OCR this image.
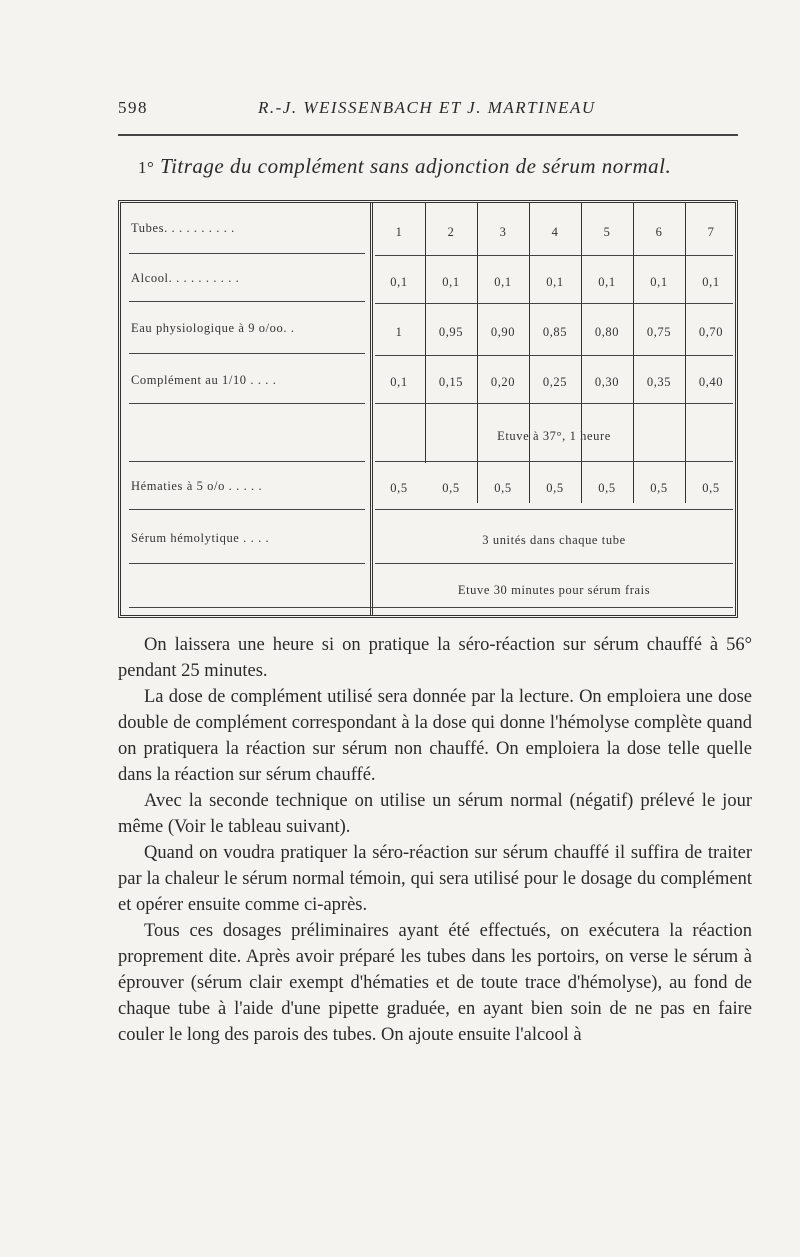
598	R.-J. WEISSENBACH ET J. MARTINEAU
1° Titrage du complément sans adjonction de sérum normal.
Tubes. . . . . . . . . .	1	2	3	4	5	6	7
Alcool. . . . . . . . . .	0,1	0,1	0,1	0,1	0,1	0,1	0,1
Eau physiologique à 9 o/oo. .	1	0,95	0,90	0,85	0,80	0,75	0,70
Complément au 1/10 . . . .	0,1	0,15	0,20	0,25	0,30	0,35	0,40
Etuve à 37°, 1 heure
Hématies à 5 o/o . . . . .	0,5	0,5	0,5	0,5	0,5	0,5	0,5
Sérum hémolytique . . . .	3 unités dans chaque tube
Etuve 30 minutes pour sérum frais

On laissera une heure si on pratique la séro-réaction sur sérum chauffé à 56° pendant 25 minutes.

La dose de complément utilisé sera donnée par la lecture. On emploiera une dose double de complément correspondant à la dose qui donne l'hémolyse complète quand on pratiquera la réaction sur sérum non chauffé. On emploiera la dose telle quelle dans la réaction sur sérum chauffé.

Avec la seconde technique on utilise un sérum normal (négatif) prélevé le jour même (Voir le tableau suivant).

Quand on voudra pratiquer la séro-réaction sur sérum chauffé il suffira de traiter par la chaleur le sérum normal témoin, qui sera utilisé pour le dosage du complément et opérer ensuite comme ci-après.

Tous ces dosages préliminaires ayant été effectués, on exécutera la réaction proprement dite. Après avoir préparé les tubes dans les portoirs, on verse le sérum à éprouver (sérum clair exempt d'hématies et de toute trace d'hémolyse), au fond de chaque tube à l'aide d'une pipette graduée, en ayant bien soin de ne pas en faire couler le long des parois des tubes. On ajoute ensuite l'alcool à
